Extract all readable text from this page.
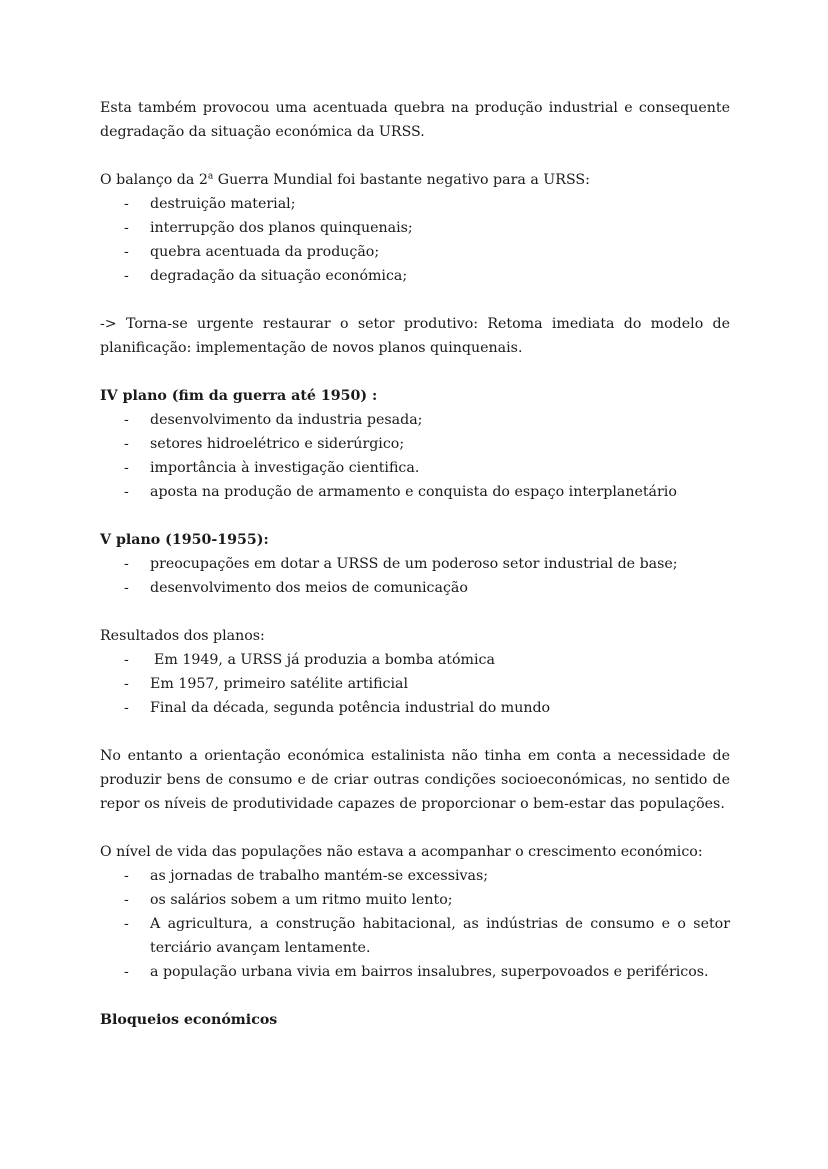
Esta também provocou uma acentuada quebra na produção industrial e consequente degradação da situação económica da URSS.

O balanço da 2$^a$ Guerra Mundial foi bastante negativo para a URSS:

- destruição material;
- interrupção dos planos quinquenais;
- quebra acentuada da produção;
- degradação da situação económica;

-> Torna-se urgente restaurar o setor produtivo: Retoma imediata do modelo de planificação: implementação de novos planos quinquenais.

IV plano (fim da guerra até 1950) :

- desenvolvimento da industria pesada;
- setores hidroelétrico e siderúrgico;
- importância à investigação cientifica.
- aposta na produção de armamento e conquista do espaço interplanetário

V plano (1950-1955):

- preocupações em dotar a URSS de um poderoso setor industrial de base;
- desenvolvimento dos meios de comunicação

Resultados dos planos:

- Em 1949, a URSS já produzia a bomba atómica
- Em 1957, primeiro satélite artificial
- Final da década, segunda potência industrial do mundo

No entanto a orientação económica estalinista não tinha em conta a necessidade de produzir bens de consumo e de criar outras condições socioeconómicas, no sentido de repor os níveis de produtividade capazes de proporcionar o bem-estar das populações.

O nível de vida das populações não estava a acompanhar o crescimento económico:

- as jornadas de trabalho mantém-se excessivas;
- os salários sobem a um ritmo muito lento;
- A agricultura, a construção habitacional, as indústrias de consumo e o setor terciário avançam lentamente.
- a população urbana vivia em bairros insalubres, superpovoados e periféricos.

Bloqueios económicos
